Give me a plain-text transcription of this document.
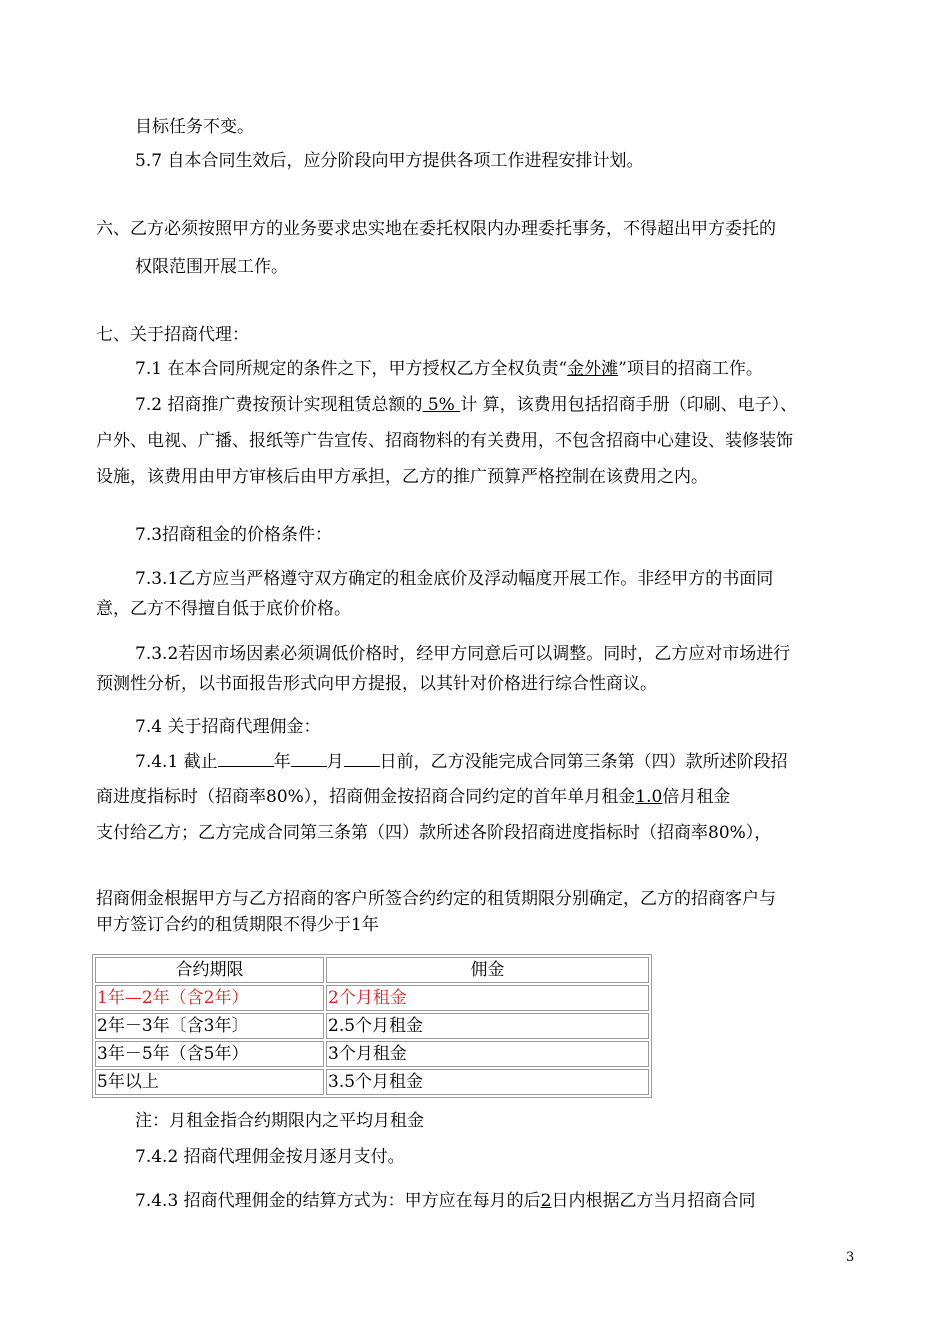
目标任务不变。
5.7 自本合同生效后，应分阶段向甲方提供各项工作进程安排计划。
六、乙方必须按照甲方的业务要求忠实地在委托权限内办理委托事务，不得超出甲方委托的
权限范围开展工作。
七、关于招商代理：
7.1 在本合同所规定的条件之下，甲方授权乙方全权负责“金外滩”项目的招商工作。
7.2 招商推广费按预计实现租赁总额的 5% 计 算，该费用包括招商手册（印刷、电子）、
户外、电视、广播、报纸等广告宣传、招商物料的有关费用，不包含招商中心建设、装修装饰
设施，该费用由甲方审核后由甲方承担，乙方的推广预算严格控制在该费用之内。
7.3招商租金的价格条件：
7.3.1乙方应当严格遵守双方确定的租金底价及浮动幅度开展工作。非经甲方的书面同
意，乙方不得擅自低于底价价格。
7.3.2若因市场因素必须调低价格时，经甲方同意后可以调整。同时，乙方应对市场进行
预测性分析，以书面报告形式向甲方提报，以其针对价格进行综合性商议。
7.4 关于招商代理佣金：
7.4.1 截止	年 月 日前，乙方没能完成合同第三条第（四）款所述阶段招
商进度指标时（招商率80%），招商佣金按招商合同约定的首年单月租金1.0倍月租金
支付给乙方；乙方完成合同第三条第（四）款所述各阶段招商进度指标时（招商率80%），
招商佣金根据甲方与乙方招商的客户所签合约约定的租赁期限分别确定，乙方的招商客户与
甲方签订合约的租赁期限不得少于1年
合约期限	佣金
1年—2年（含2年）	2个月租金
2年－3年〔含3年〕	2.5个月租金
3年－5年（含5年）	3个月租金
5年以上	3.5个月租金
注：月租金指合约期限内之平均月租金
7.4.2 招商代理佣金按月逐月支付。
7.4.3 招商代理佣金的结算方式为：甲方应在每月的后2日内根据乙方当月招商合同
3
